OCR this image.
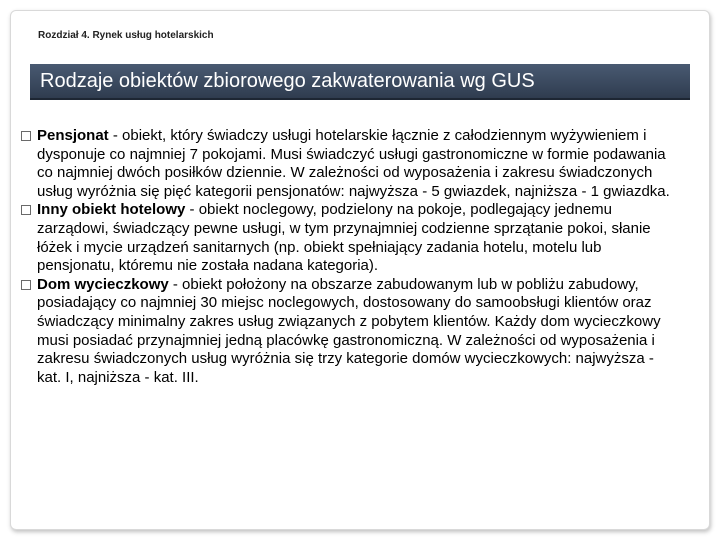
Rozdział 4. Rynek usług hotelarskich
Rodzaje obiektów zbiorowego zakwaterowania wg GUS

Pensjonat - obiekt, który świadczy usługi hotelarskie łącznie z całodziennym wyżywieniem i dysponuje co najmniej 7 pokojami. Musi świadczyć usługi gastronomiczne w formie podawania co najmniej dwóch posiłków dziennie. W zależności od wyposażenia i zakresu świadczonych usług wyróżnia się pięć kategorii pensjonatów: najwyższa - 5 gwiazdek, najniższa - 1 gwiazdka.

Inny obiekt hotelowy - obiekt noclegowy, podzielony na pokoje, podlegający jednemu zarządowi, świadczący pewne usługi, w tym przynajmniej codzienne sprzątanie pokoi, słanie łóżek i mycie urządzeń sanitarnych (np. obiekt spełniający zadania hotelu, motelu lub pensjonatu, któremu nie została nadana kategoria).

Dom wycieczkowy - obiekt położony na obszarze zabudowanym lub w pobliżu zabudowy, posiadający co najmniej 30 miejsc noclegowych, dostosowany do samoobsługi klientów oraz świadczący minimalny zakres usług związanych z pobytem klientów. Każdy dom wycieczkowy musi posiadać przynajmniej jedną placówkę gastronomiczną. W zależności od wyposażenia i zakresu świadczonych usług wyróżnia się trzy kategorie domów wycieczkowych: najwyższa - kat. I, najniższa - kat. III.
